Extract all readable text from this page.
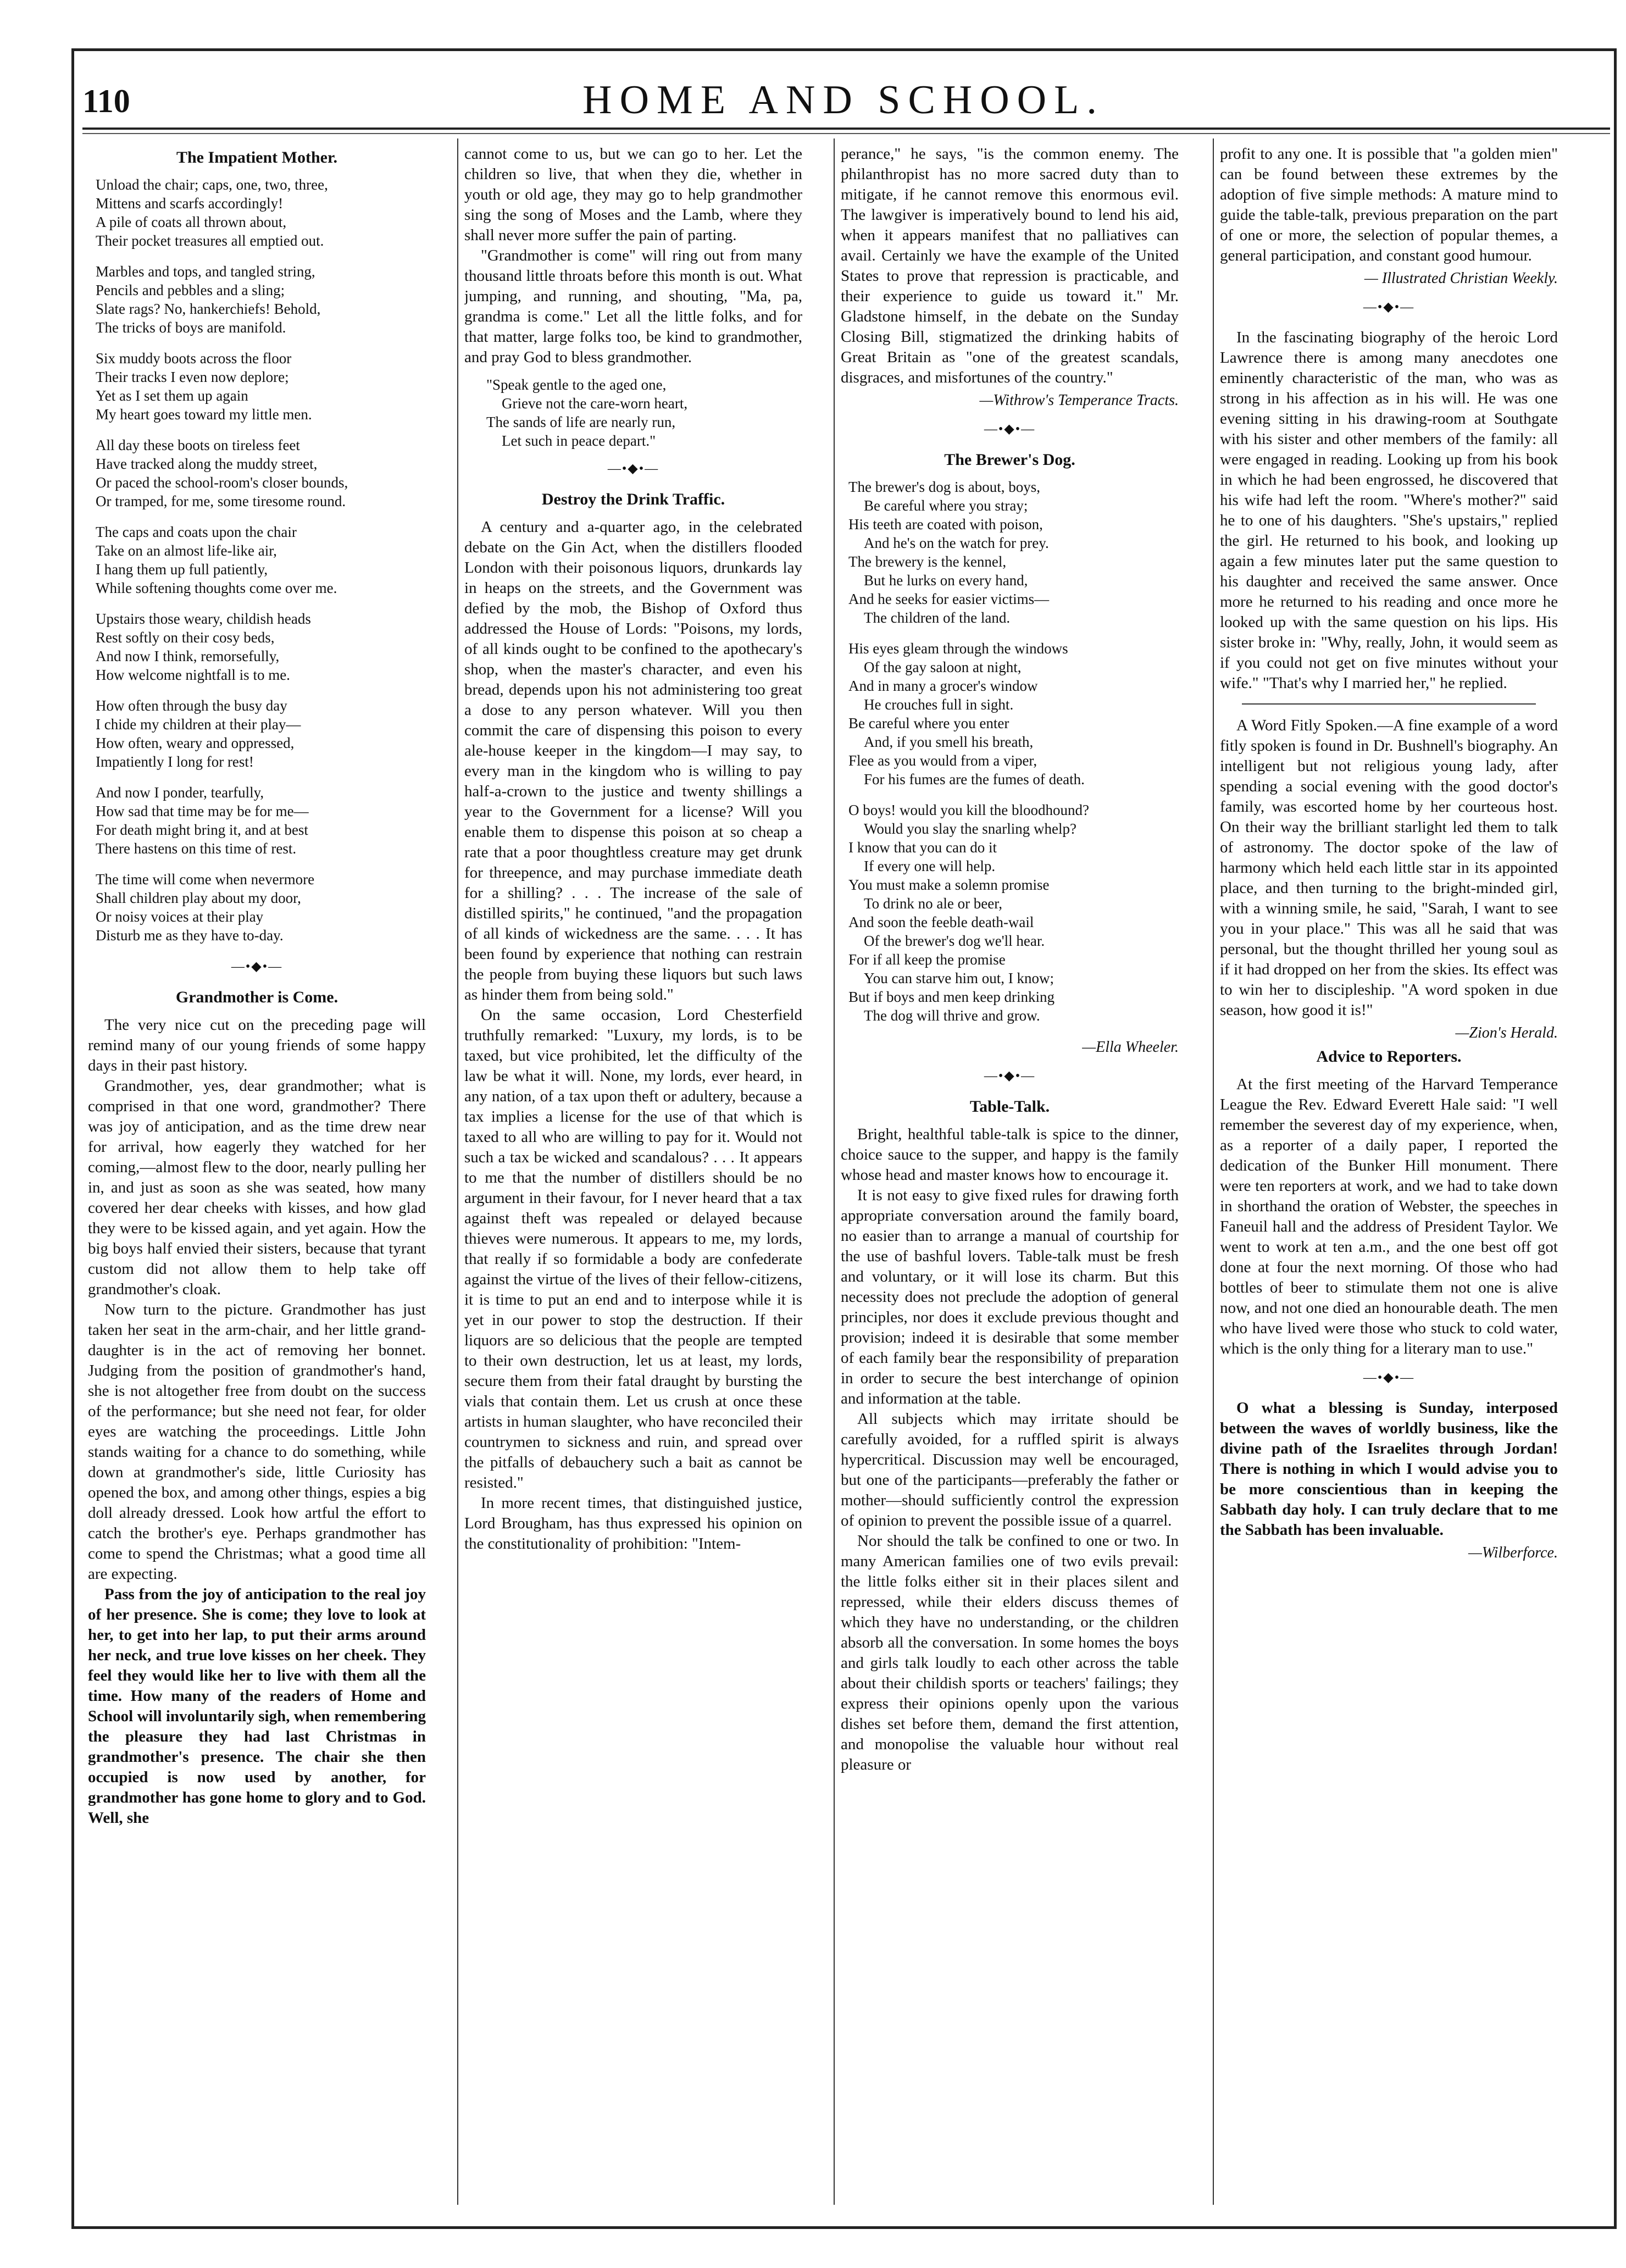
110	HOME AND SCHOOL.
The Impatient Mother.
Unload the chair; caps, one, two, three,
Mittens and scarfs accordingly!
A pile of coats all thrown about,
Their pocket treasures all emptied out.
Marbles and tops, and tangled string,
Pencils and pebbles and a sling;
Slate rags? No, hankerchiefs! Behold,
The tricks of boys are manifold.
Six muddy boots across the floor
Their tracks I even now deplore;
Yet as I set them up again
My heart goes toward my little men.
All day these boots on tireless feet
Have tracked along the muddy street,
Or paced the school-room's closer bounds,
Or tramped, for me, some tiresome round.
The caps and coats upon the chair
Take on an almost life-like air,
I hang them up full patiently,
While softening thoughts come over me.
Upstairs those weary, childish heads
Rest softly on their cosy beds,
And now I think, remorsefully,
How welcome nightfall is to me.
How often through the busy day
I chide my children at their play—
How often, weary and oppressed,
Impatiently I long for rest!
And now I ponder, tearfully,
How sad that time may be for me—
For death might bring it, and at best
There hastens on this time of rest.
The time will come when nevermore
Shall children play about my door,
Or noisy voices at their play
Disturb me as they have to-day.
—•◆•—
Grandmother is Come.

The very nice cut on the preceding page will remind many of our young friends of some happy days in their past history.

Grandmother, yes, dear grandmother; what is comprised in that one word, grandmother? There was joy of anticipation, and as the time drew near for arrival, how eagerly they watched for her coming,—almost flew to the door, nearly pulling her in, and just as soon as she was seated, how many covered her dear cheeks with kisses, and how glad they were to be kissed again, and yet again. How the big boys half envied their sisters, because that tyrant custom did not allow them to help take off grandmother's cloak.

Now turn to the picture. Grandmother has just taken her seat in the arm-chair, and her little grand-daughter is in the act of removing her bonnet. Judging from the position of grandmother's hand, she is not altogether free from doubt on the success of the performance; but she need not fear, for older eyes are watching the proceedings. Little John stands waiting for a chance to do something, while down at grandmother's side, little Curiosity has opened the box, and among other things, espies a big doll already dressed. Look how artful the effort to catch the brother's eye. Perhaps grandmother has come to spend the Christmas; what a good time all are expecting.

Pass from the joy of anticipation to the real joy of her presence. She is come; they love to look at her, to get into her lap, to put their arms around her neck, and true love kisses on her cheek. They feel they would like her to live with them all the time. How many of the readers of Home and School will involuntarily sigh, when remembering the pleasure they had last Christmas in grandmother's presence. The chair she then occupied is now used by another, for grandmother has gone home to glory and to God. Well, she

cannot come to us, but we can go to her. Let the children so live, that when they die, whether in youth or old age, they may go to help grandmother sing the song of Moses and the Lamb, where they shall never more suffer the pain of parting.

"Grandmother is come" will ring out from many thousand little throats before this month is out. What jumping, and running, and shouting, "Ma, pa, grandma is come." Let all the little folks, and for that matter, large folks too, be kind to grandmother, and pray God to bless grandmother.

"Speak gentle to the aged one,
Grieve not the care-worn heart,
The sands of life are nearly run,
Let such in peace depart."
—•◆•—
Destroy the Drink Traffic.

A century and a-quarter ago, in the celebrated debate on the Gin Act, when the distillers flooded London with their poisonous liquors, drunkards lay in heaps on the streets, and the Government was defied by the mob, the Bishop of Oxford thus addressed the House of Lords: "Poisons, my lords, of all kinds ought to be confined to the apothecary's shop, when the master's character, and even his bread, depends upon his not administering too great a dose to any person whatever. Will you then commit the care of dispensing this poison to every ale-house keeper in the kingdom—I may say, to every man in the kingdom who is willing to pay half-a-crown to the justice and twenty shillings a year to the Government for a license? Will you enable them to dispense this poison at so cheap a rate that a poor thoughtless creature may get drunk for threepence, and may purchase immediate death for a shilling? . . . The increase of the sale of distilled spirits," he continued, "and the propagation of all kinds of wickedness are the same. . . . It has been found by experience that nothing can restrain the people from buying these liquors but such laws as hinder them from being sold."

On the same occasion, Lord Chesterfield truthfully remarked: "Luxury, my lords, is to be taxed, but vice prohibited, let the difficulty of the law be what it will. None, my lords, ever heard, in any nation, of a tax upon theft or adultery, because a tax implies a license for the use of that which is taxed to all who are willing to pay for it. Would not such a tax be wicked and scandalous? . . . It appears to me that the number of distillers should be no argument in their favour, for I never heard that a tax against theft was repealed or delayed because thieves were numerous. It appears to me, my lords, that really if so formidable a body are confederate against the virtue of the lives of their fellow-citizens, it is time to put an end and to interpose while it is yet in our power to stop the destruction. If their liquors are so delicious that the people are tempted to their own destruction, let us at least, my lords, secure them from their fatal draught by bursting the vials that contain them. Let us crush at once these artists in human slaughter, who have reconciled their countrymen to sickness and ruin, and spread over the pitfalls of debauchery such a bait as cannot be resisted."

In more recent times, that distinguished justice, Lord Brougham, has thus expressed his opinion on the constitutionality of prohibition: "Intem-

perance," he says, "is the common enemy. The philanthropist has no more sacred duty than to mitigate, if he cannot remove this enormous evil. The lawgiver is imperatively bound to lend his aid, when it appears manifest that no palliatives can avail. Certainly we have the example of the United States to prove that repression is practicable, and their experience to guide us toward it." Mr. Gladstone himself, in the debate on the Sunday Closing Bill, stigmatized the drinking habits of Great Britain as "one of the greatest scandals, disgraces, and misfortunes of the country."

—Withrow's Temperance Tracts.
—•◆•—
The Brewer's Dog.
The brewer's dog is about, boys,
Be careful where you stray;
His teeth are coated with poison,
And he's on the watch for prey.
The brewery is the kennel,
But he lurks on every hand,
And he seeks for easier victims—
The children of the land.
His eyes gleam through the windows
Of the gay saloon at night,
And in many a grocer's window
He crouches full in sight.
Be careful where you enter
And, if you smell his breath,
Flee as you would from a viper,
For his fumes are the fumes of death.
O boys! would you kill the bloodhound?
Would you slay the snarling whelp?
I know that you can do it
If every one will help.
You must make a solemn promise
To drink no ale or beer,
And soon the feeble death-wail
Of the brewer's dog we'll hear.
For if all keep the promise
You can starve him out, I know;
But if boys and men keep drinking
The dog will thrive and grow.
—Ella Wheeler.
—•◆•—
Table-Talk.

Bright, healthful table-talk is spice to the dinner, choice sauce to the supper, and happy is the family whose head and master knows how to encourage it.

It is not easy to give fixed rules for drawing forth appropriate conversation around the family board, no easier than to arrange a manual of courtship for the use of bashful lovers. Table-talk must be fresh and voluntary, or it will lose its charm. But this necessity does not preclude the adoption of general principles, nor does it exclude previous thought and provision; indeed it is desirable that some member of each family bear the responsibility of preparation in order to secure the best interchange of opinion and information at the table.

All subjects which may irritate should be carefully avoided, for a ruffled spirit is always hypercritical. Discussion may well be encouraged, but one of the participants—preferably the father or mother—should sufficiently control the expression of opinion to prevent the possible issue of a quarrel.

Nor should the talk be confined to one or two. In many American families one of two evils prevail: the little folks either sit in their places silent and repressed, while their elders discuss themes of which they have no understanding, or the children absorb all the conversation. In some homes the boys and girls talk loudly to each other across the table about their childish sports or teachers' failings; they express their opinions openly upon the various dishes set before them, demand the first attention, and monopolise the valuable hour without real pleasure or

profit to any one. It is possible that "a golden mien" can be found between these extremes by the adoption of five simple methods: A mature mind to guide the table-talk, previous preparation on the part of one or more, the selection of popular themes, a general participation, and constant good humour.

— Illustrated Christian Weekly.
—•◆•—

In the fascinating biography of the heroic Lord Lawrence there is among many anecdotes one eminently characteristic of the man, who was as strong in his affection as in his will. He was one evening sitting in his drawing-room at Southgate with his sister and other members of the family: all were engaged in reading. Looking up from his book in which he had been engrossed, he discovered that his wife had left the room. "Where's mother?" said he to one of his daughters. "She's upstairs," replied the girl. He returned to his book, and looking up again a few minutes later put the same question to his daughter and received the same answer. Once more he returned to his reading and once more he looked up with the same question on his lips. His sister broke in: "Why, really, John, it would seem as if you could not get on five minutes without your wife." "That's why I married her," he replied.

A Word Fitly Spoken.—A fine example of a word fitly spoken is found in Dr. Bushnell's biography. An intelligent but not religious young lady, after spending a social evening with the good doctor's family, was escorted home by her courteous host. On their way the brilliant starlight led them to talk of astronomy. The doctor spoke of the law of harmony which held each little star in its appointed place, and then turning to the bright-minded girl, with a winning smile, he said, "Sarah, I want to see you in your place." This was all he said that was personal, but the thought thrilled her young soul as if it had dropped on her from the skies. Its effect was to win her to discipleship. "A word spoken in due season, how good it is!"

—Zion's Herald.
Advice to Reporters.

At the first meeting of the Harvard Temperance League the Rev. Edward Everett Hale said: "I well remember the severest day of my experience, when, as a reporter of a daily paper, I reported the dedication of the Bunker Hill monument. There were ten reporters at work, and we had to take down in shorthand the oration of Webster, the speeches in Faneuil hall and the address of President Taylor. We went to work at ten a.m., and the one best off got done at four the next morning. Of those who had bottles of beer to stimulate them not one is alive now, and not one died an honourable death. The men who have lived were those who stuck to cold water, which is the only thing for a literary man to use."

—•◆•—

O what a blessing is Sunday, interposed between the waves of worldly business, like the divine path of the Israelites through Jordan! There is nothing in which I would advise you to be more conscientious than in keeping the Sabbath day holy. I can truly declare that to me the Sabbath has been invaluable.

—Wilberforce.
